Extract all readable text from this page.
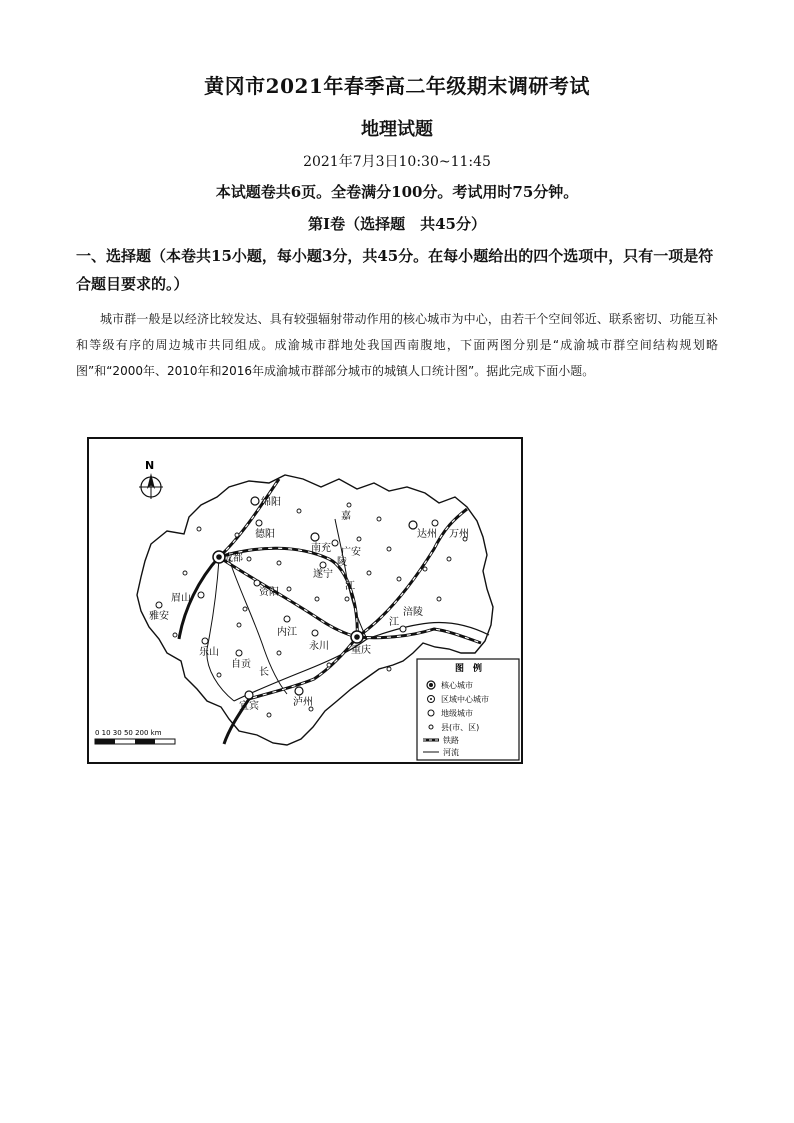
黄冈市2021年春季高二年级期末调研考试
地理试题
2021年7月3日10:30~11:45
本试题卷共6页。全卷满分100分。考试用时75分钟。
第Ⅰ卷（选择题　共45分）
一、选择题（本卷共15小题，每小题3分，共45分。在每小题给出的四个选项中，只有一项是符合题目要求的。）
城市群一般是以经济比较发达、具有较强辐射带动作用的核心城市为中心，由若干个空间邻近、联系密切、功能互补和等级有序的周边城市共同组成。成渝城市群地处我国西南腹地，下面两图分别是“成渝城市群空间结构规划略图”和“2000年、2010年和2016年成渝城市群部分城市的城镇人口统计图”。据此完成下面小题。
N
成都
重庆
绵阳
德阳
南充
遂宁
广安
达州 万州
眉山
雅安
资阳
内江
永川
乐山
自贡
宜宾	泸州
涪陵
嘉
陵
江
长
江
0 10 30 50 200 km
图　例
核心城市
区域中心城市
地级城市
县(市、区)
铁路
河流
